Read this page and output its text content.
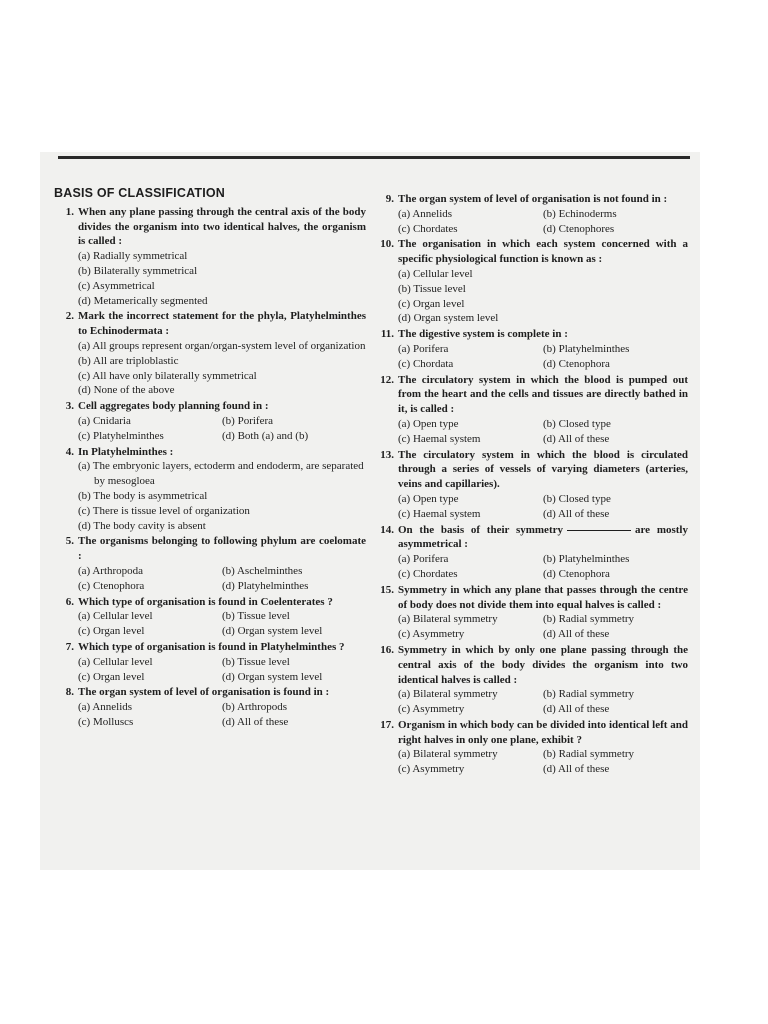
BASIS OF CLASSIFICATION
1. When any plane passing through the central axis of the body divides the organism into two identical halves, the organism is called :
(a) Radially symmetrical
(b) Bilaterally symmetrical
(c) Asymmetrical
(d) Metamerically segmented
2. Mark the incorrect statement for the phyla, Platyhelminthes to Echinodermata :
(a) All groups represent organ/organ-system level of organization
(b) All are triploblastic
(c) All have only bilaterally symmetrical
(d) None of the above
3. Cell aggregates body planning found in :
(a) Cnidaria	(b) Porifera
(c) Platyhelminthes	(d) Both (a) and (b)
4. In Platyhelminthes :
(a) The embryonic layers, ectoderm and endoderm, are separated by mesogloea
(b) The body is asymmetrical
(c) There is tissue level of organization
(d) The body cavity is absent
5. The organisms belonging to following phylum are coelomate :
(a) Arthropoda	(b) Aschelminthes
(c) Ctenophora	(d) Platyhelminthes
6. Which type of organisation is found in Coelenterates ?
(a) Cellular level	(b) Tissue level
(c) Organ level	(d) Organ system level
7. Which type of organisation is found in Platyhelminthes ?
(a) Cellular level	(b) Tissue level
(c) Organ level	(d) Organ system level
8. The organ system of level of organisation is found in :
(a) Annelids	(b) Arthropods
(c) Molluscs	(d) All of these
9. The organ system of level of organisation is not found in :
(a) Annelids	(b) Echinoderms
(c) Chordates	(d) Ctenophores
10. The organisation in which each system concerned with a specific physiological function is known as :
(a) Cellular level
(b) Tissue level
(c) Organ level
(d) Organ system level
11. The digestive system is complete in :
(a) Porifera	(b) Platyhelminthes
(c) Chordata	(d) Ctenophora
12. The circulatory system in which the blood is pumped out from the heart and the cells and tissues are directly bathed in it, is called :
(a) Open type	(b) Closed type
(c) Haemal system	(d) All of these
13. The circulatory system in which the blood is circulated through a series of vessels of varying diameters (arteries, veins and capillaries).
(a) Open type	(b) Closed type
(c) Haemal system	(d) All of these
14. On the basis of their symmetry	are mostly asymmetrical :
(a) Porifera	(b) Platyhelminthes
(c) Chordates	(d) Ctenophora
15. Symmetry in which any plane that passes through the centre of body does not divide them into equal halves is called :
(a) Bilateral symmetry	(b) Radial symmetry
(c) Asymmetry	(d) All of these
16. Symmetry in which by only one plane passing through the central axis of the body divides the organism into two identical halves is called :
(a) Bilateral symmetry	(b) Radial symmetry
(c) Asymmetry	(d) All of these
17. Organism in which body can be divided into identical left and right halves in only one plane, exhibit ?
(a) Bilateral symmetry	(b) Radial symmetry
(c) Asymmetry	(d) All of these
